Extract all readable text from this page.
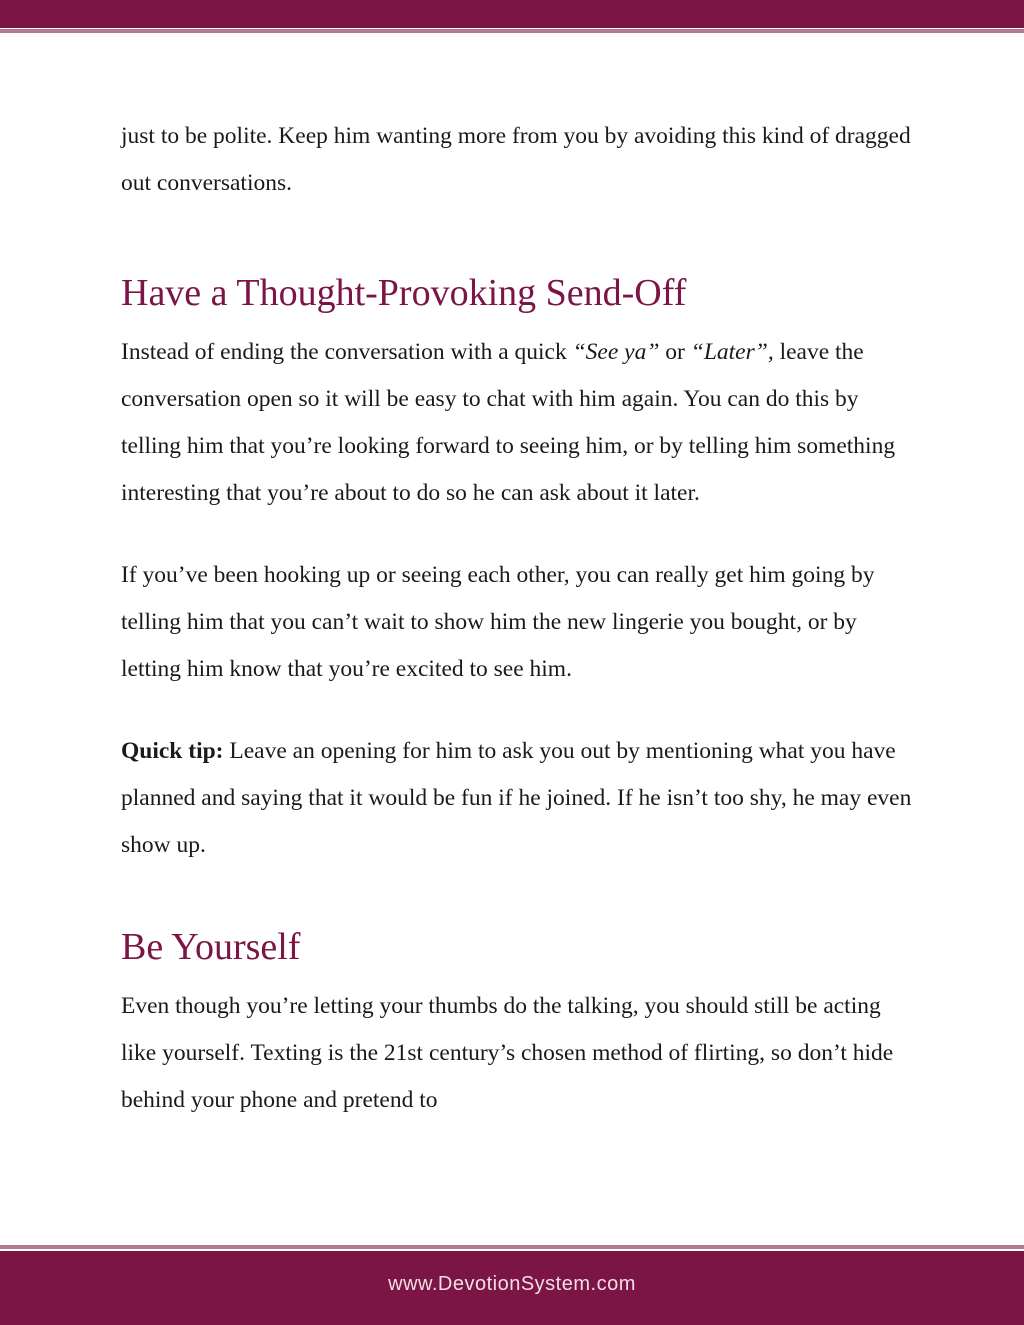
just to be polite. Keep him wanting more from you by avoiding this kind of dragged out conversations.

Have a Thought-Provoking Send-Off

Instead of ending the conversation with a quick “See ya” or “Later”, leave the conversation open so it will be easy to chat with him again. You can do this by telling him that you’re looking forward to seeing him, or by telling him something interesting that you’re about to do so he can ask about it later.

If you’ve been hooking up or seeing each other, you can really get him going by telling him that you can’t wait to show him the new lingerie you bought, or by letting him know that you’re excited to see him.

Quick tip: Leave an opening for him to ask you out by mentioning what you have planned and saying that it would be fun if he joined. If he isn’t too shy, he may even show up.

Be Yourself

Even though you’re letting your thumbs do the talking, you should still be acting like yourself. Texting is the 21st century’s chosen method of flirting, so don’t hide behind your phone and pretend to

www.DevotionSystem.com
